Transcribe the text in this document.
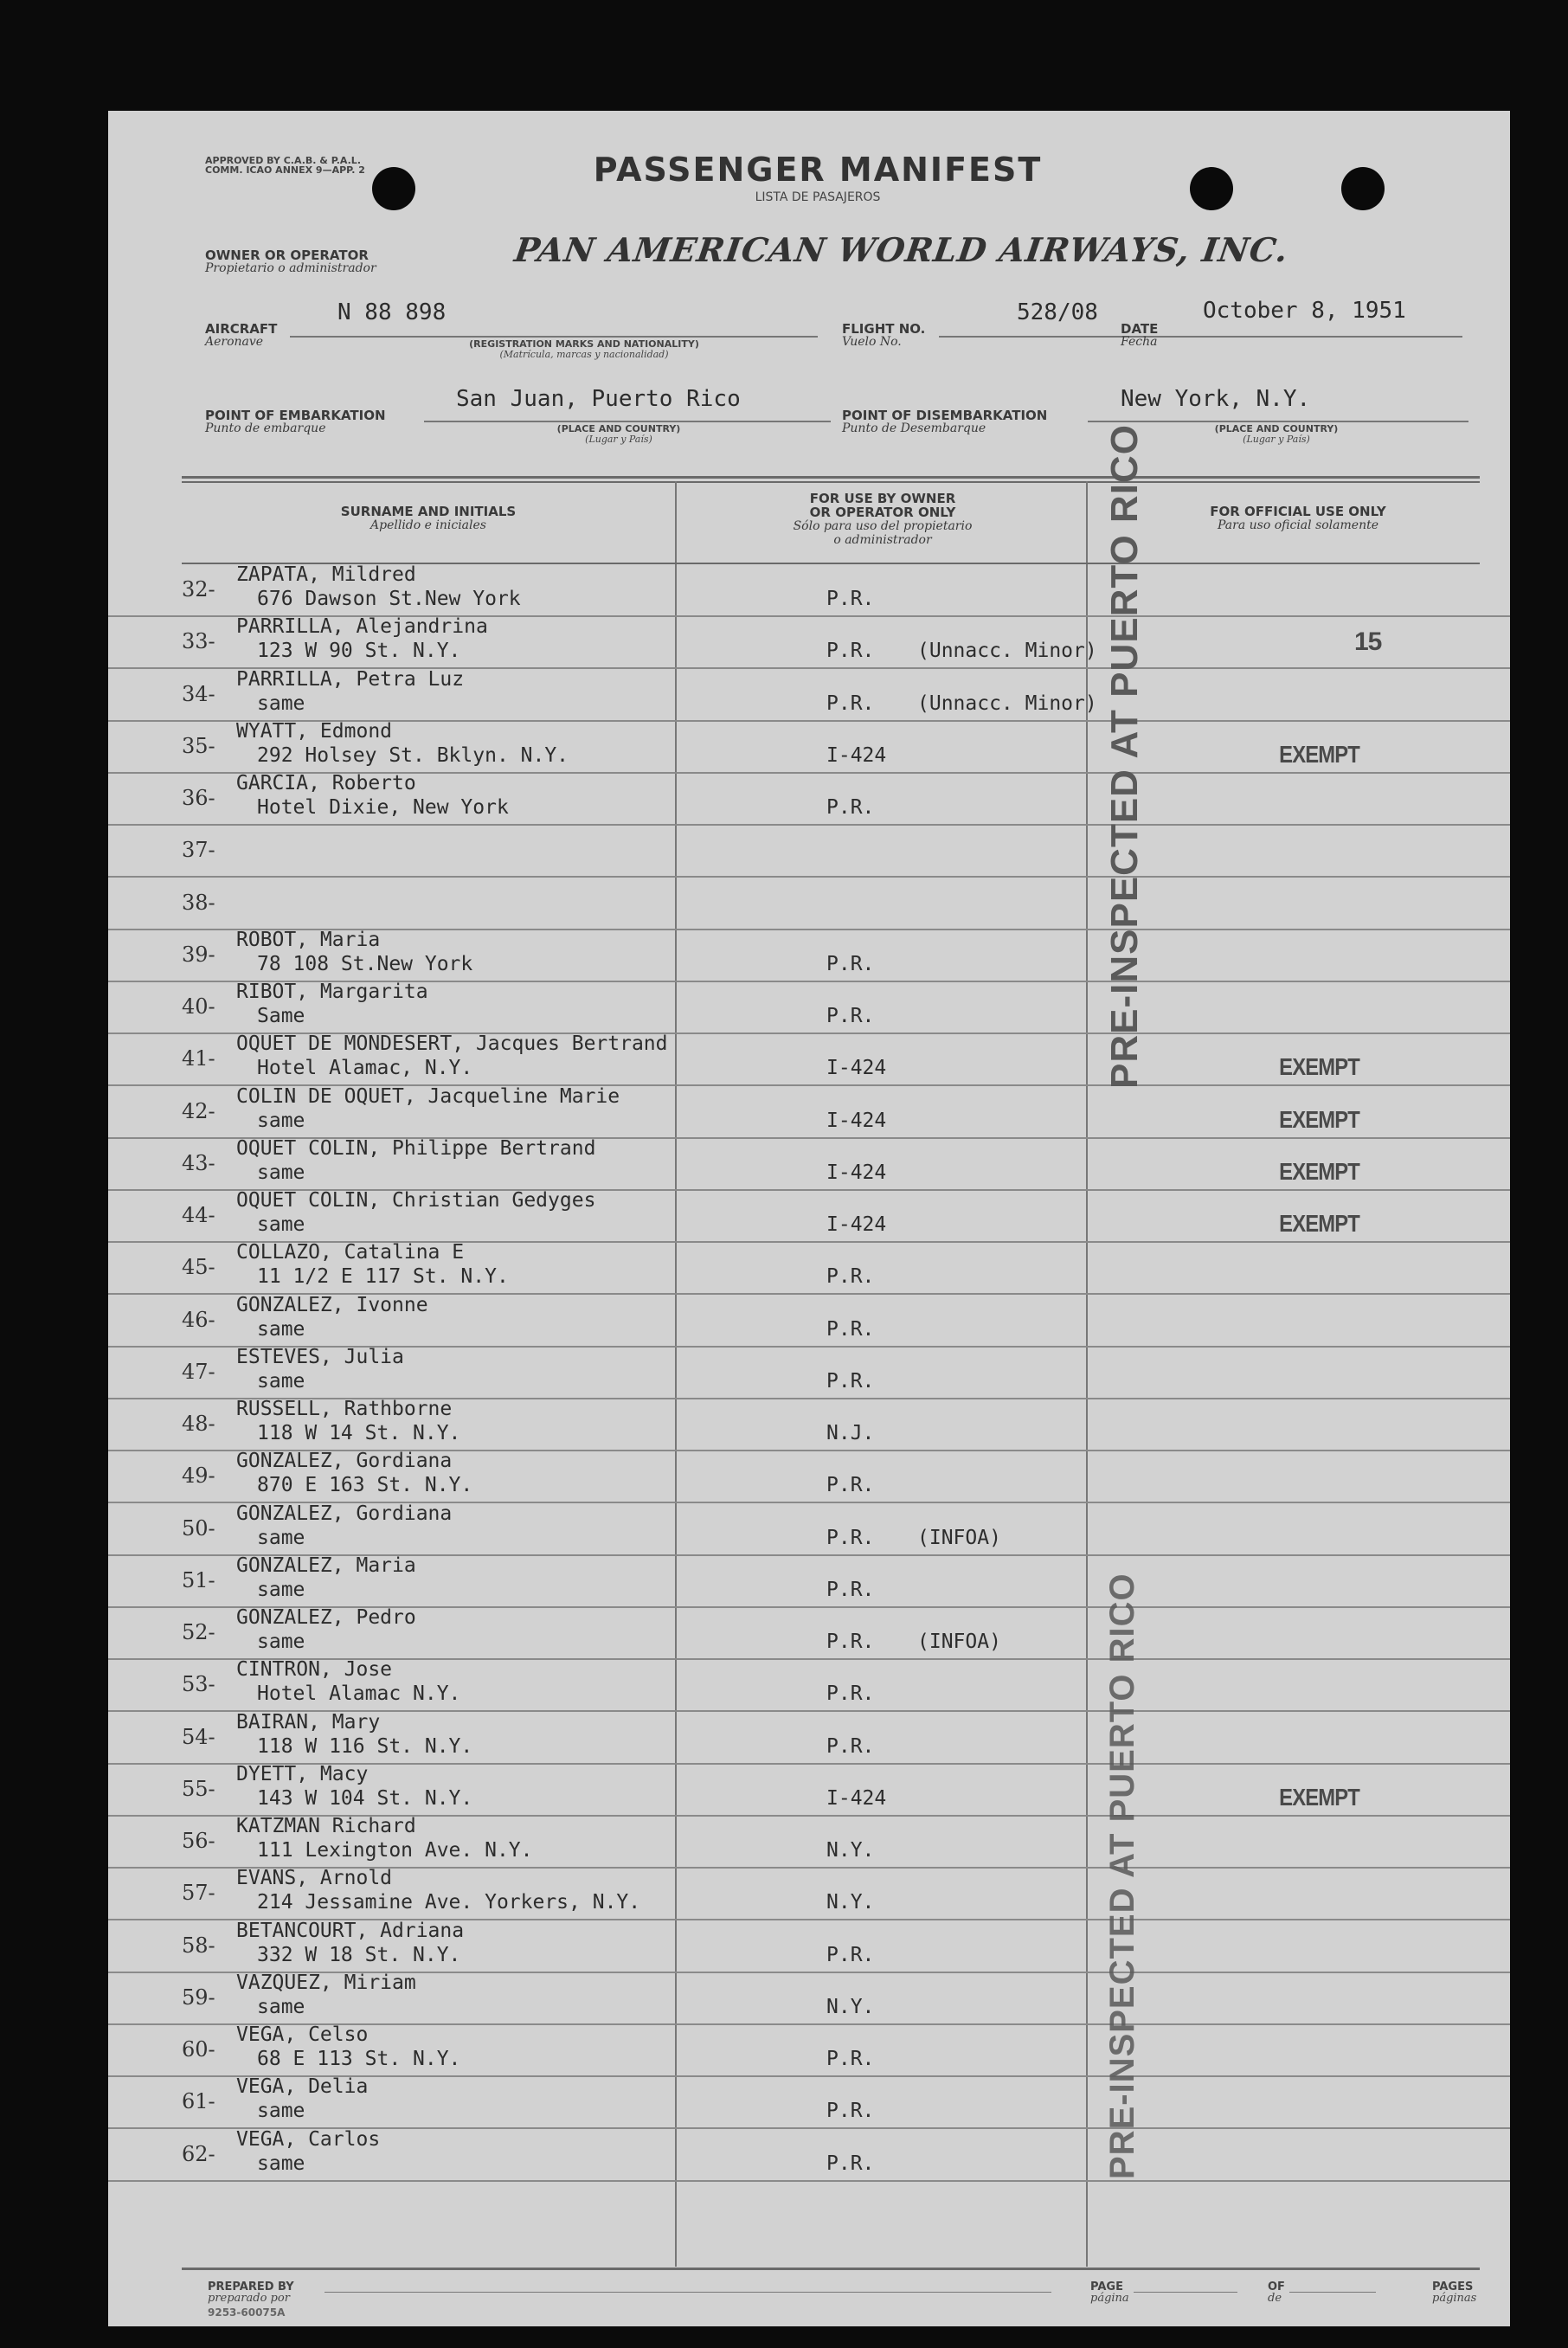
APPROVED BY C.A.B. & P.A.L. COMM. ICAO ANNEX 9—APP. 2	PASSENGER MANIFEST
LISTA DE PASAJEROS
OWNER OR OPERATOR
Propietario o administrador	PAN AMERICAN WORLD AIRWAYS, INC.
AIRCRAFT
Aeronave
N 88 898
(REGISTRATION MARKS AND NATIONALITY)
(Matrícula, marcas y nacionalidad)
FLIGHT NO.
Vuelo No.
528/08
DATE
Fecha
October 8, 1951
POINT OF EMBARKATION
Punto de embarque
San Juan, Puerto Rico
(PLACE AND COUNTRY)
(Lugar y País)
POINT OF DISEMBARKATION
Punto de Desembarque
New York, N.Y.
(PLACE AND COUNTRY)
(Lugar y País)
SURNAME AND INITIALS
Apellido e iniciales
FOR USE BY OWNER
OR OPERATOR ONLY
Sólo para uso del propietario
o administrador
FOR OFFICIAL USE ONLY
Para uso oficial solamente
32-
ZAPATA, Mildred
676 Dawson St.New York	P.R.
33-
PARRILLA, Alejandrina
123 W 90 St. N.Y.	P.R. (Unnacc. Minor)	15
34-
PARRILLA, Petra Luz
same	P.R. (Unnacc. Minor)
35-
WYATT, Edmond
292 Holsey St. Bklyn. N.Y.	I-424	EXEMPT
36-
GARCIA, Roberto
Hotel Dixie, New York	P.R.
37-
38-
39-
ROBOT, Maria
78 108 St.New York	P.R.
40-
RIBOT, Margarita
Same	P.R.
41-
OQUET DE MONDESERT, Jacques Bertrand
Hotel Alamac, N.Y.	I-424	EXEMPT
42-
COLIN DE OQUET, Jacqueline Marie
same	I-424	EXEMPT
43-
OQUET COLIN, Philippe Bertrand
same	I-424	EXEMPT
44-
OQUET COLIN, Christian Gedyges
same	I-424	EXEMPT
45-
COLLAZO, Catalina E
11 1/2 E 117 St. N.Y.	P.R.
46-
GONZALEZ, Ivonne
same	P.R.
47-
ESTEVES, Julia
same	P.R.
48-
RUSSELL, Rathborne
118 W 14 St. N.Y.	N.J.
49-
GONZALEZ, Gordiana
870 E 163 St. N.Y.	P.R.
50-
GONZALEZ, Gordiana
same	P.R. (INFOA)
51-
GONZALEZ, Maria
same	P.R.
52-
GONZALEZ, Pedro
same	P.R. (INFOA)
53-
CINTRON, Jose
Hotel Alamac N.Y.	P.R.
54-
BAIRAN, Mary
118 W 116 St. N.Y.	P.R.
55-
DYETT, Macy
143 W 104 St. N.Y.	I-424	EXEMPT
56-
KATZMAN Richard
111 Lexington Ave. N.Y.	N.Y.
57-
EVANS, Arnold
214 Jessamine Ave. Yorkers, N.Y.	N.Y.
58-
BETANCOURT, Adriana
332 W 18 St. N.Y.	P.R.
59-
VAZQUEZ, Miriam
same	N.Y.
60-
VEGA, Celso
68 E 113 St. N.Y.	P.R.
61-
VEGA, Delia
same	P.R.
62-
VEGA, Carlos
same	P.R.
PRE-INSPECTED AT PUERTO RICO
PRE-INSPECTED AT PUERTO RICO
PREPARED BY
preparado por
PAGE
página
OF
de
PAGES
páginas
9253-60075A
